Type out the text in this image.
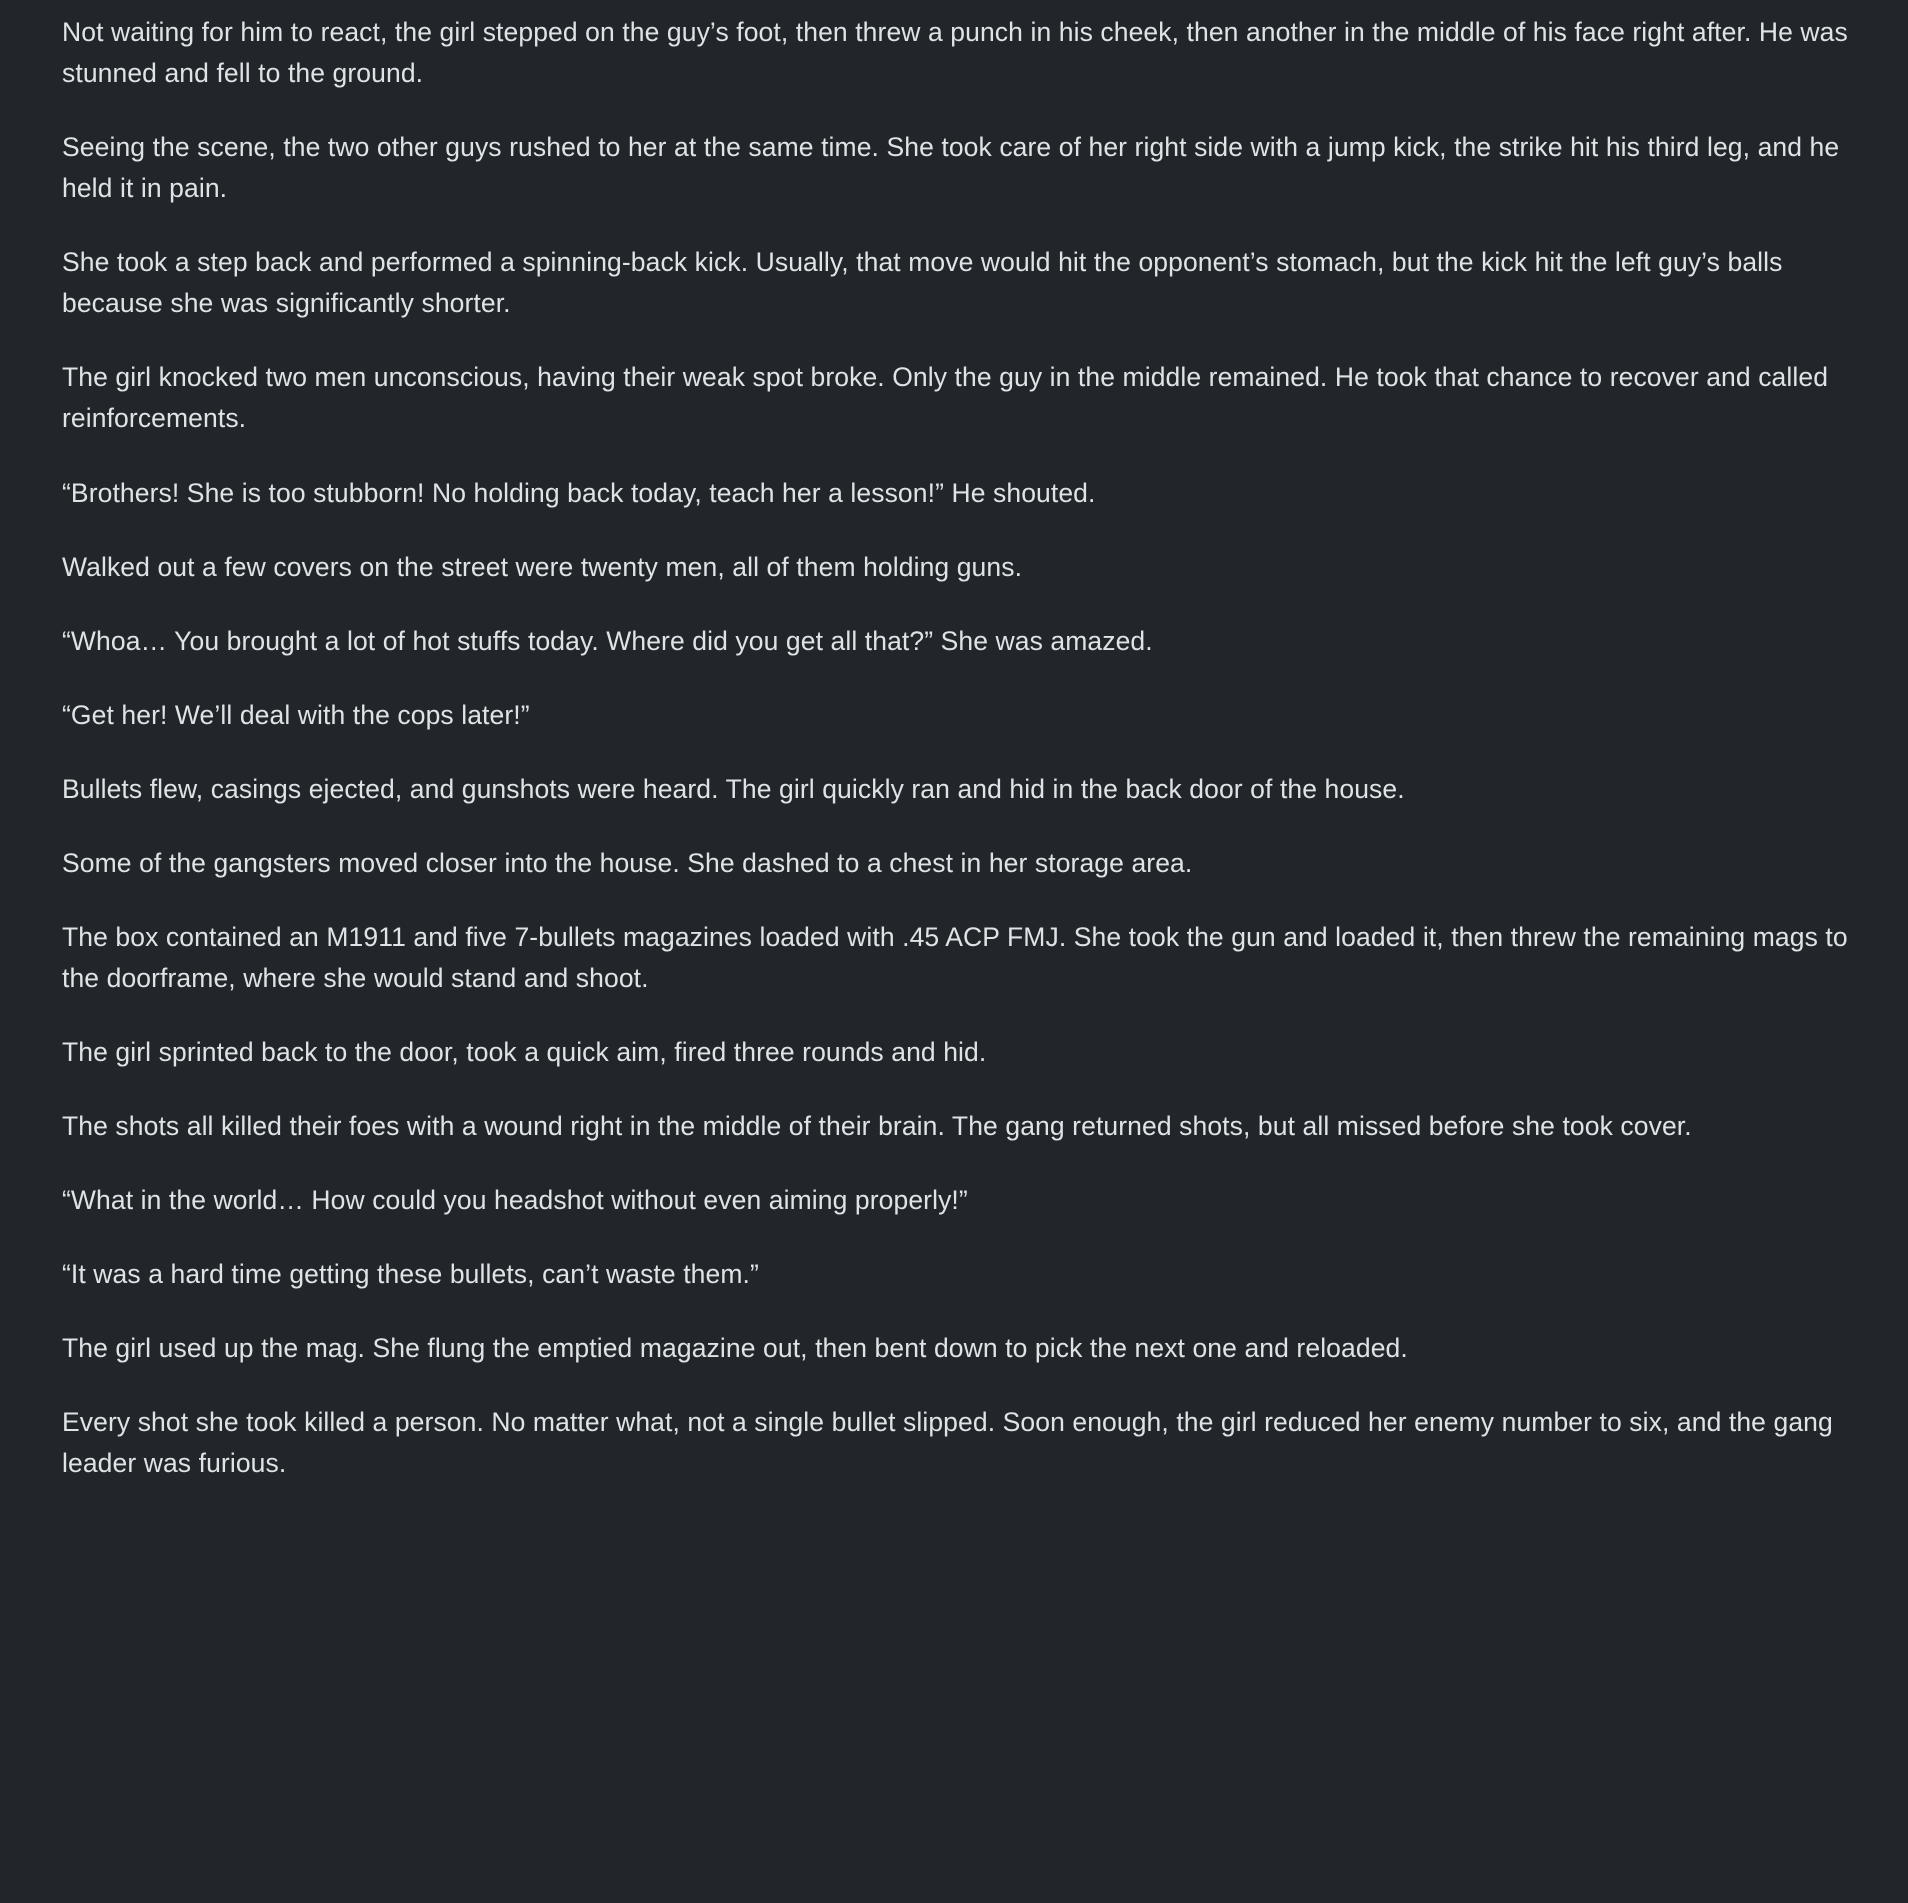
Not waiting for him to react, the girl stepped on the guy’s foot, then threw a punch in his cheek, then another in the middle of his face right after. He was stunned and fell to the ground.

Seeing the scene, the two other guys rushed to her at the same time. She took care of her right side with a jump kick, the strike hit his third leg, and he held it in pain.

She took a step back and performed a spinning-back kick. Usually, that move would hit the opponent’s stomach, but the kick hit the left guy’s balls because she was significantly shorter.

The girl knocked two men unconscious, having their weak spot broke. Only the guy in the middle remained. He took that chance to recover and called reinforcements.

“Brothers! She is too stubborn! No holding back today, teach her a lesson!” He shouted.

Walked out a few covers on the street were twenty men, all of them holding guns.

“Whoa… You brought a lot of hot stuffs today. Where did you get all that?” She was amazed.

“Get her! We’ll deal with the cops later!”

Bullets flew, casings ejected, and gunshots were heard. The girl quickly ran and hid in the back door of the house.

Some of the gangsters moved closer into the house. She dashed to a chest in her storage area.

The box contained an M1911 and five 7-bullets magazines loaded with .45 ACP FMJ. She took the gun and loaded it, then threw the remaining mags to the doorframe, where she would stand and shoot.

The girl sprinted back to the door, took a quick aim, fired three rounds and hid.

The shots all killed their foes with a wound right in the middle of their brain. The gang returned shots, but all missed before she took cover.

“What in the world… How could you headshot without even aiming properly!”

“It was a hard time getting these bullets, can’t waste them.”

The girl used up the mag. She flung the emptied magazine out, then bent down to pick the next one and reloaded.

Every shot she took killed a person. No matter what, not a single bullet slipped. Soon enough, the girl reduced her enemy number to six, and the gang leader was furious.
